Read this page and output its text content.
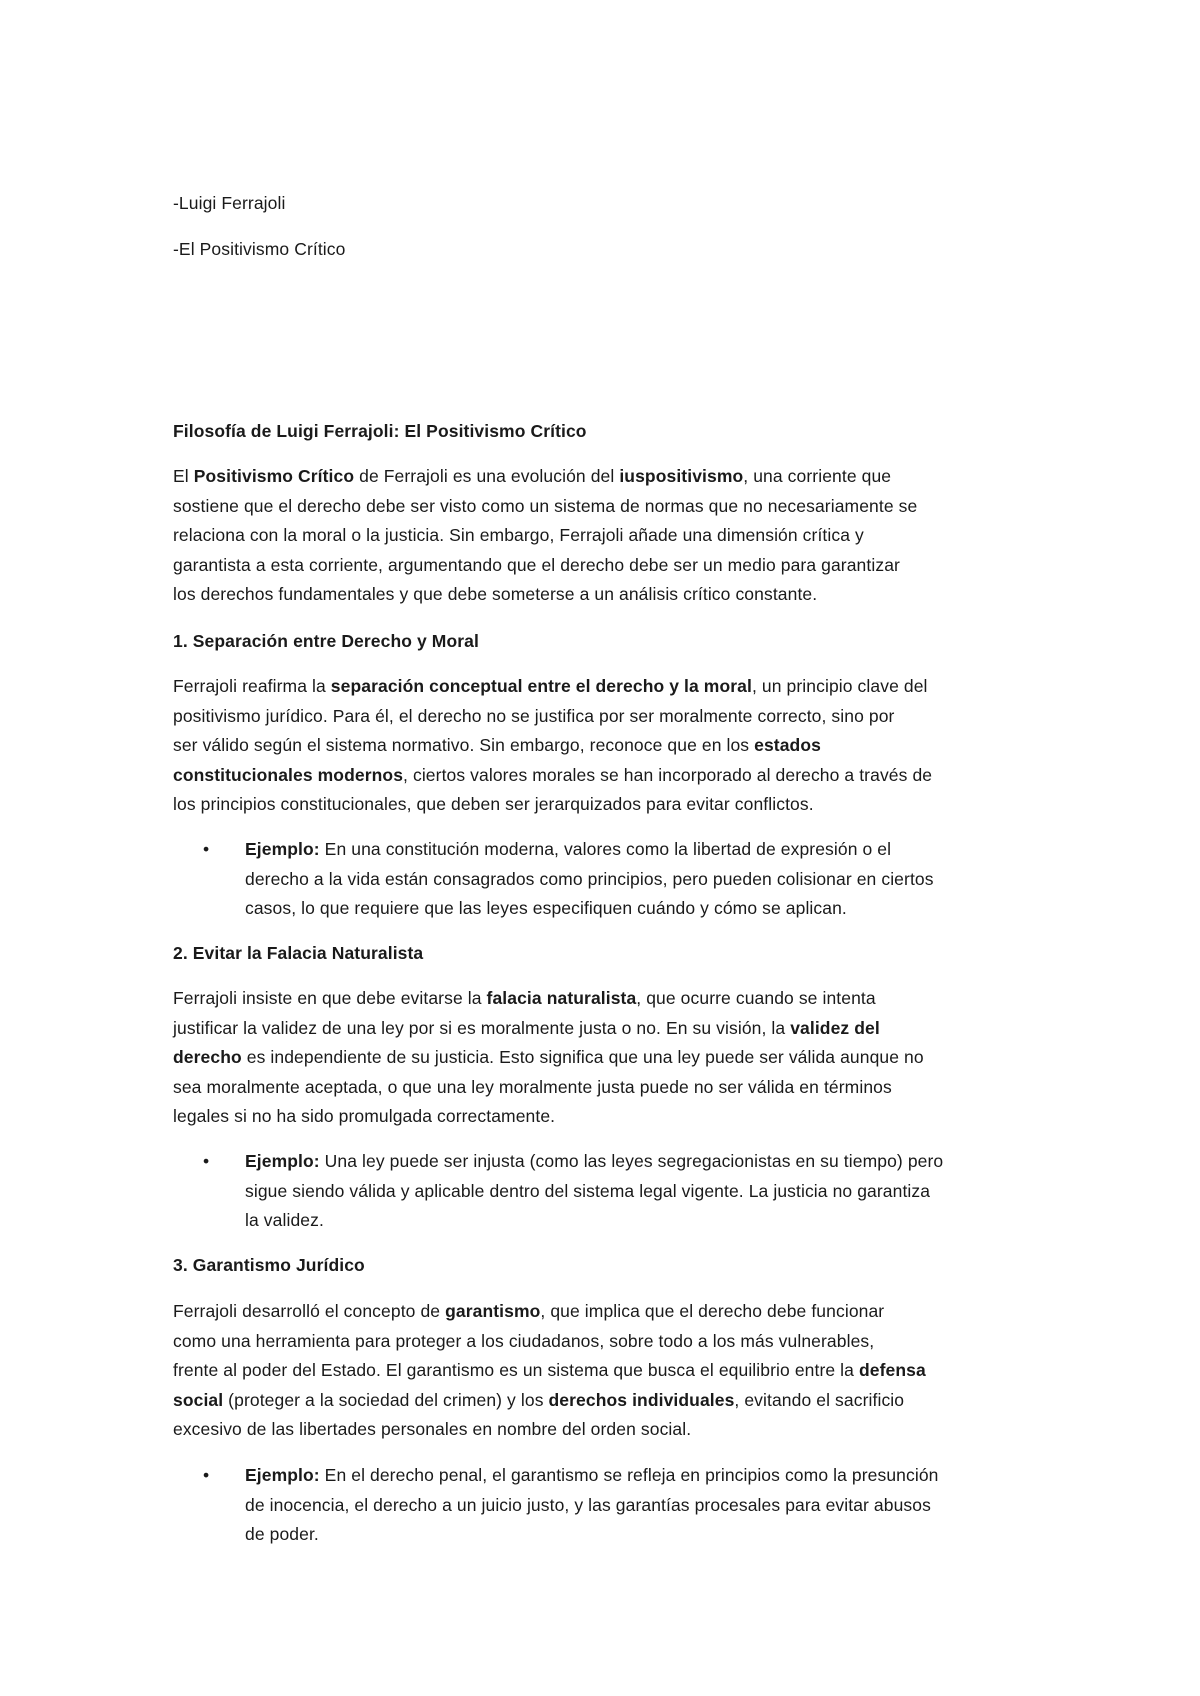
-Luigi Ferrajoli
-El Positivismo Crítico
Filosofía de Luigi Ferrajoli: El Positivismo Crítico
El Positivismo Crítico de Ferrajoli es una evolución del iuspositivismo, una corriente que
sostiene que el derecho debe ser visto como un sistema de normas que no necesariamente se
relaciona con la moral o la justicia. Sin embargo, Ferrajoli añade una dimensión crítica y
garantista a esta corriente, argumentando que el derecho debe ser un medio para garantizar
los derechos fundamentales y que debe someterse a un análisis crítico constante.
1. Separación entre Derecho y Moral
Ferrajoli reafirma la separación conceptual entre el derecho y la moral, un principio clave del
positivismo jurídico. Para él, el derecho no se justifica por ser moralmente correcto, sino por
ser válido según el sistema normativo. Sin embargo, reconoce que en los estados
constitucionales modernos, ciertos valores morales se han incorporado al derecho a través de
los principios constitucionales, que deben ser jerarquizados para evitar conflictos.
• Ejemplo: En una constitución moderna, valores como la libertad de expresión o el
derecho a la vida están consagrados como principios, pero pueden colisionar en ciertos
casos, lo que requiere que las leyes especifiquen cuándo y cómo se aplican.
2. Evitar la Falacia Naturalista
Ferrajoli insiste en que debe evitarse la falacia naturalista, que ocurre cuando se intenta
justificar la validez de una ley por si es moralmente justa o no. En su visión, la validez del
derecho es independiente de su justicia. Esto significa que una ley puede ser válida aunque no
sea moralmente aceptada, o que una ley moralmente justa puede no ser válida en términos
legales si no ha sido promulgada correctamente.
• Ejemplo: Una ley puede ser injusta (como las leyes segregacionistas en su tiempo) pero
sigue siendo válida y aplicable dentro del sistema legal vigente. La justicia no garantiza
la validez.
3. Garantismo Jurídico
Ferrajoli desarrolló el concepto de garantismo, que implica que el derecho debe funcionar
como una herramienta para proteger a los ciudadanos, sobre todo a los más vulnerables,
frente al poder del Estado. El garantismo es un sistema que busca el equilibrio entre la defensa
social (proteger a la sociedad del crimen) y los derechos individuales, evitando el sacrificio
excesivo de las libertades personales en nombre del orden social.
• Ejemplo: En el derecho penal, el garantismo se refleja en principios como la presunción
de inocencia, el derecho a un juicio justo, y las garantías procesales para evitar abusos
de poder.
